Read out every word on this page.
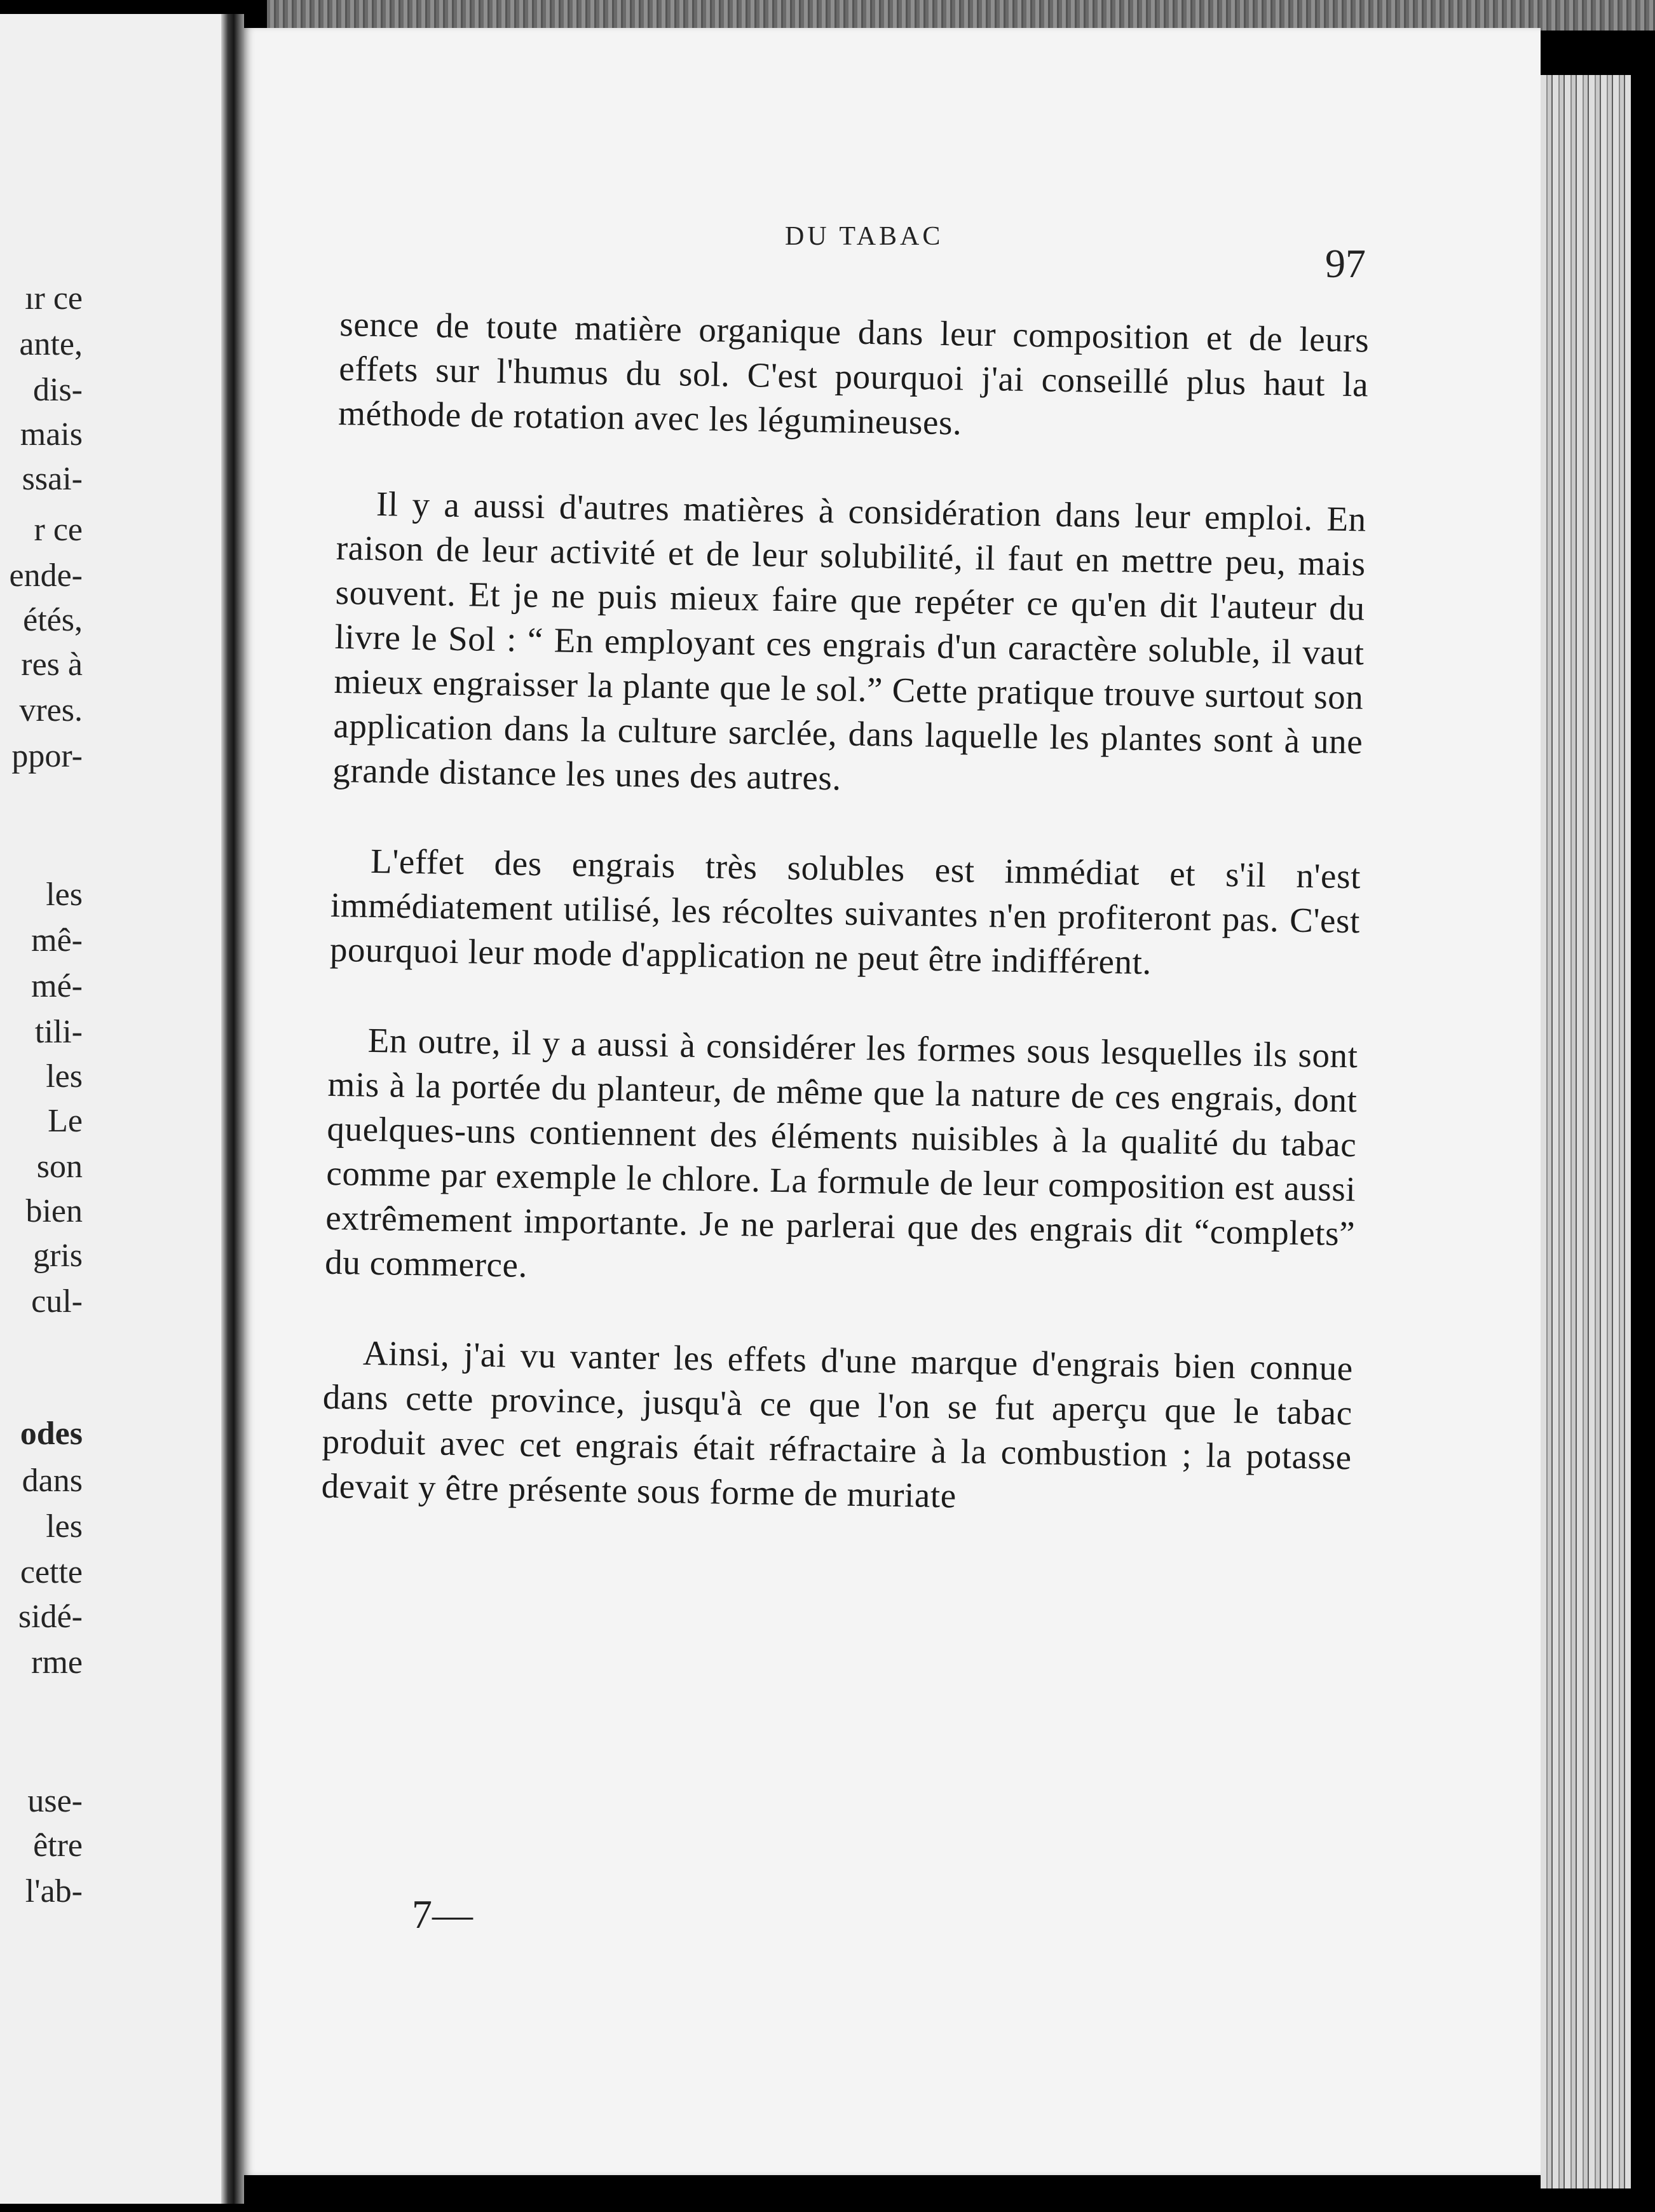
ır ce
ante,
dis-
mais
ssai-
r ce
ende-
étés,
res à
vres.
ppor-
les
mê-
mé-
tili-
les
Le
son
bien
gris
cul-
odes
dans
les
cette
sidé-
rme
use-
être
l'ab-
DU TABAC
97

sence de toute matière organique dans leur composition et de leurs effets sur l'humus du sol. C'est pourquoi j'ai conseillé plus haut la méthode de rotation avec les légumineuses.

Il y a aussi d'autres matières à considération dans leur emploi. En raison de leur activité et de leur solubilité, il faut en mettre peu, mais souvent. Et je ne puis mieux faire que repéter ce qu'en dit l'auteur du livre le Sol : “ En employant ces engrais d'un caractère soluble, il vaut mieux engraisser la plante que le sol.” Cette pratique trouve surtout son application dans la culture sarclée, dans laquelle les plantes sont à une grande distance les unes des autres.

L'effet des engrais très solubles est immédiat et s'il n'est immédiatement utilisé, les récoltes suivantes n'en profiteront pas. C'est pourquoi leur mode d'application ne peut être indifférent.

En outre, il y a aussi à considérer les formes sous lesquelles ils sont mis à la portée du planteur, de même que la nature de ces engrais, dont quelques-uns contiennent des éléments nuisibles à la qualité du tabac comme par exemple le chlore. La formule de leur composition est aussi extrêmement importante. Je ne parlerai que des engrais dit “complets” du commerce.

Ainsi, j'ai vu vanter les effets d'une marque d'engrais bien connue dans cette province, jusqu'à ce que l'on se fut aperçu que le tabac produit avec cet engrais était réfractaire à la combustion ; la potasse devait y être présente sous forme de muriate

7—
